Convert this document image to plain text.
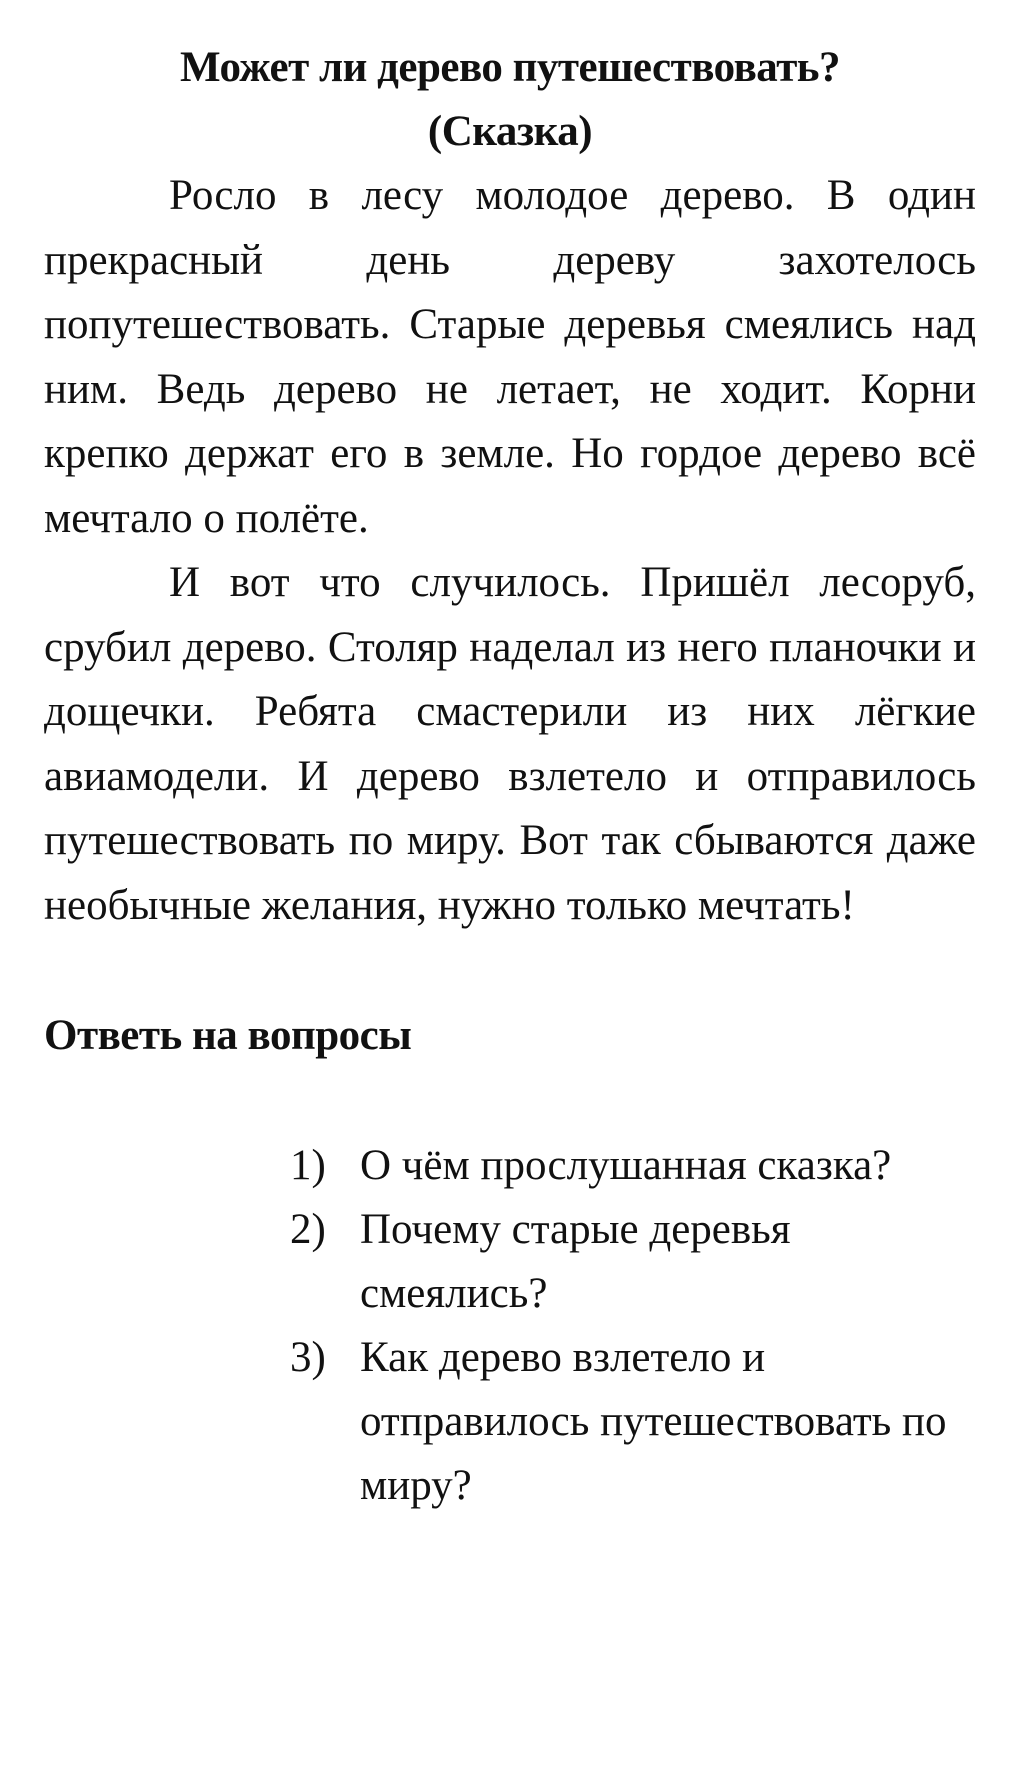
Может ли дерево путешествовать?
(Сказка)

Росло в лесу молодое дерево. В один прекрасный день дереву захотелось попутешествовать. Старые деревья смеялись над ним. Ведь дерево не летает, не ходит. Корни крепко держат его в земле. Но гордое дерево всё мечтало о полёте.

И вот что случилось. Пришёл лесоруб, срубил дерево. Столяр наделал из него планочки и дощечки. Ребята смастерили из них лёгкие авиамодели. И дерево взлетело и отправилось путешествовать по миру. Вот так сбываются даже необычные желания, нужно только мечтать!

Ответь на вопросы
1) О чём прослушанная сказка?
2) Почему старые деревья смеялись?
3) Как дерево взлетело и отправилось путешествовать по миру?
